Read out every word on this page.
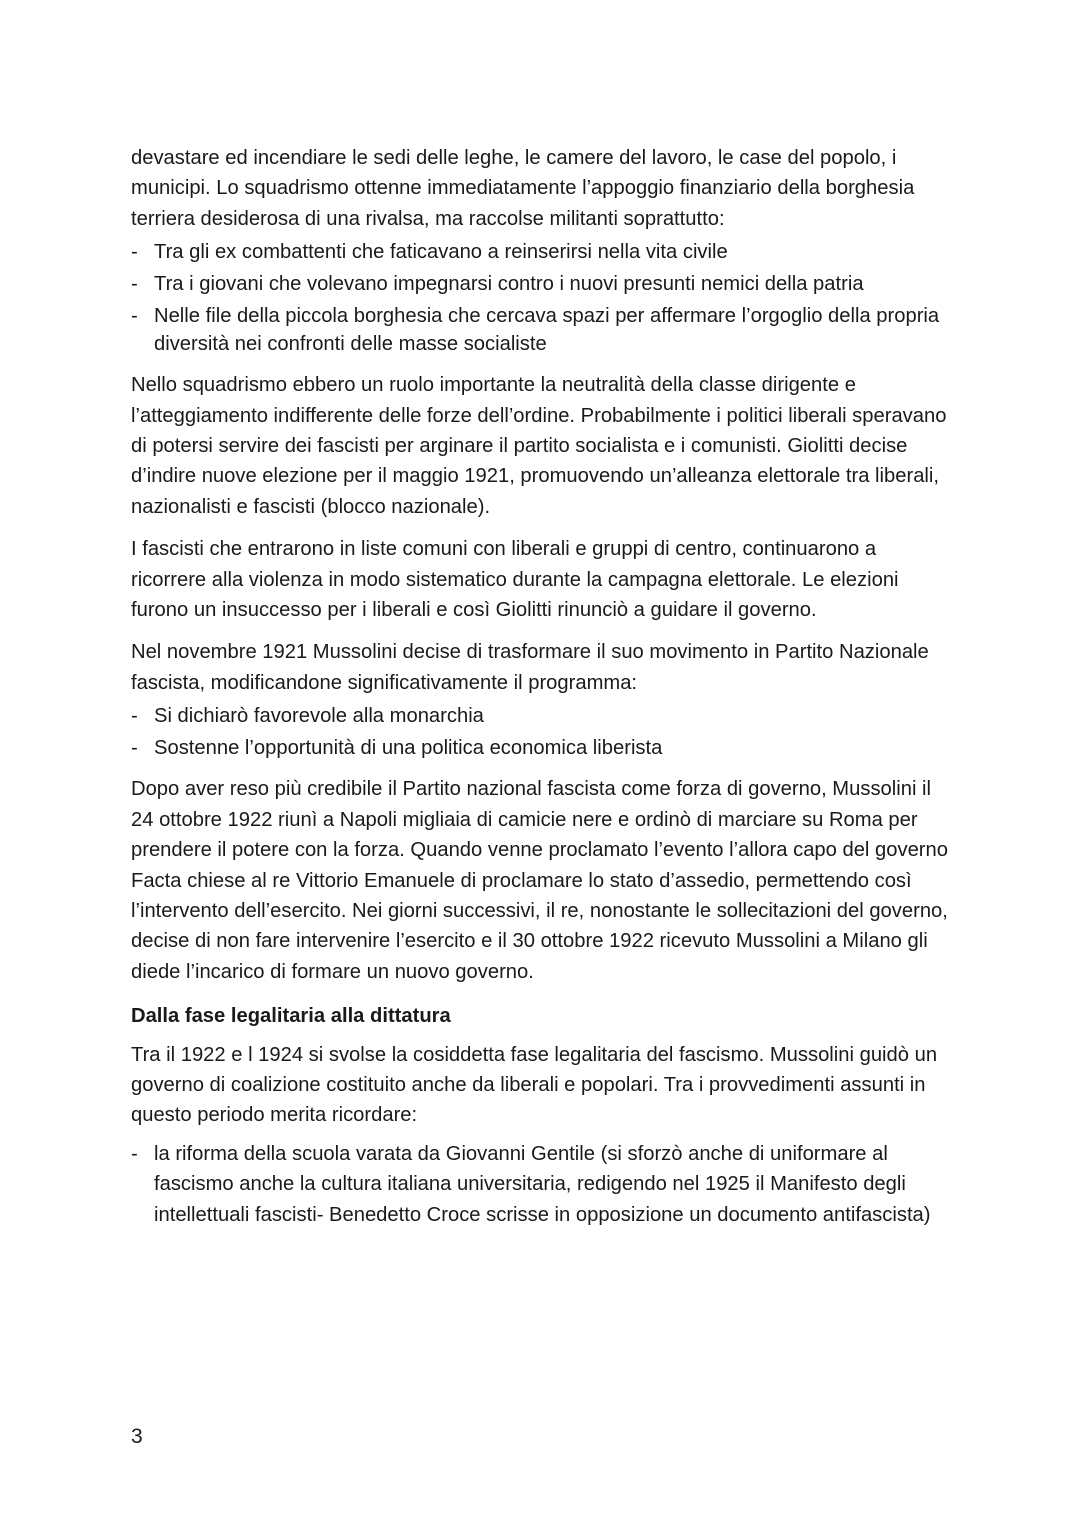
devastare ed incendiare le sedi delle leghe, le camere del lavoro, le case del popolo, i municipi. Lo squadrismo ottenne immediatamente l’appoggio finanziario della borghesia terriera desiderosa di una rivalsa, ma raccolse militanti soprattutto:

- Tra gli ex combattenti che faticavano a reinserirsi nella vita civile
- Tra i giovani che volevano impegnarsi contro i nuovi presunti nemici della patria
- Nelle file della piccola borghesia che cercava spazi per affermare l’orgoglio della propria diversità nei confronti delle masse socialiste

Nello squadrismo ebbero un ruolo importante la neutralità della classe dirigente e l’atteggiamento indifferente delle forze dell’ordine. Probabilmente i politici liberali speravano di potersi servire dei fascisti per arginare il partito socialista e i comunisti. Giolitti decise d’indire nuove elezione per il maggio 1921, promuovendo un’alleanza elettorale tra liberali, nazionalisti e fascisti (blocco nazionale).

I fascisti che entrarono in liste comuni con liberali e gruppi di centro, continuarono a ricorrere alla violenza in modo sistematico durante la campagna elettorale. Le elezioni furono un insuccesso per i liberali e così Giolitti rinunciò a guidare il governo.

Nel novembre 1921 Mussolini decise di trasformare il suo movimento in Partito Nazionale fascista, modificandone significativamente il programma:

- Si dichiarò favorevole alla monarchia
- Sostenne l’opportunità di una politica economica liberista

Dopo aver reso più credibile il Partito nazional fascista come forza di governo, Mussolini il 24 ottobre 1922 riunì a Napoli migliaia di camicie nere e ordinò di marciare su Roma per prendere il potere con la forza. Quando venne proclamato l’evento l’allora capo del governo Facta chiese al re Vittorio Emanuele di proclamare lo stato d’assedio, permettendo così l’intervento dell’esercito. Nei giorni successivi, il re, nonostante le sollecitazioni del governo, decise di non fare intervenire l’esercito e il 30 ottobre 1922 ricevuto Mussolini a Milano gli diede l’incarico di formare un nuovo governo.

Dalla fase legalitaria alla dittatura

Tra il 1922 e l 1924 si svolse la cosiddetta fase legalitaria del fascismo. Mussolini guidò un governo di coalizione costituito anche da liberali e popolari. Tra i provvedimenti assunti in questo periodo merita ricordare:

- la riforma della scuola varata da Giovanni Gentile (si sforzò anche di uniformare al fascismo anche la cultura italiana universitaria, redigendo nel 1925 il Manifesto degli intellettuali fascisti- Benedetto Croce scrisse in opposizione un documento antifascista)
3
